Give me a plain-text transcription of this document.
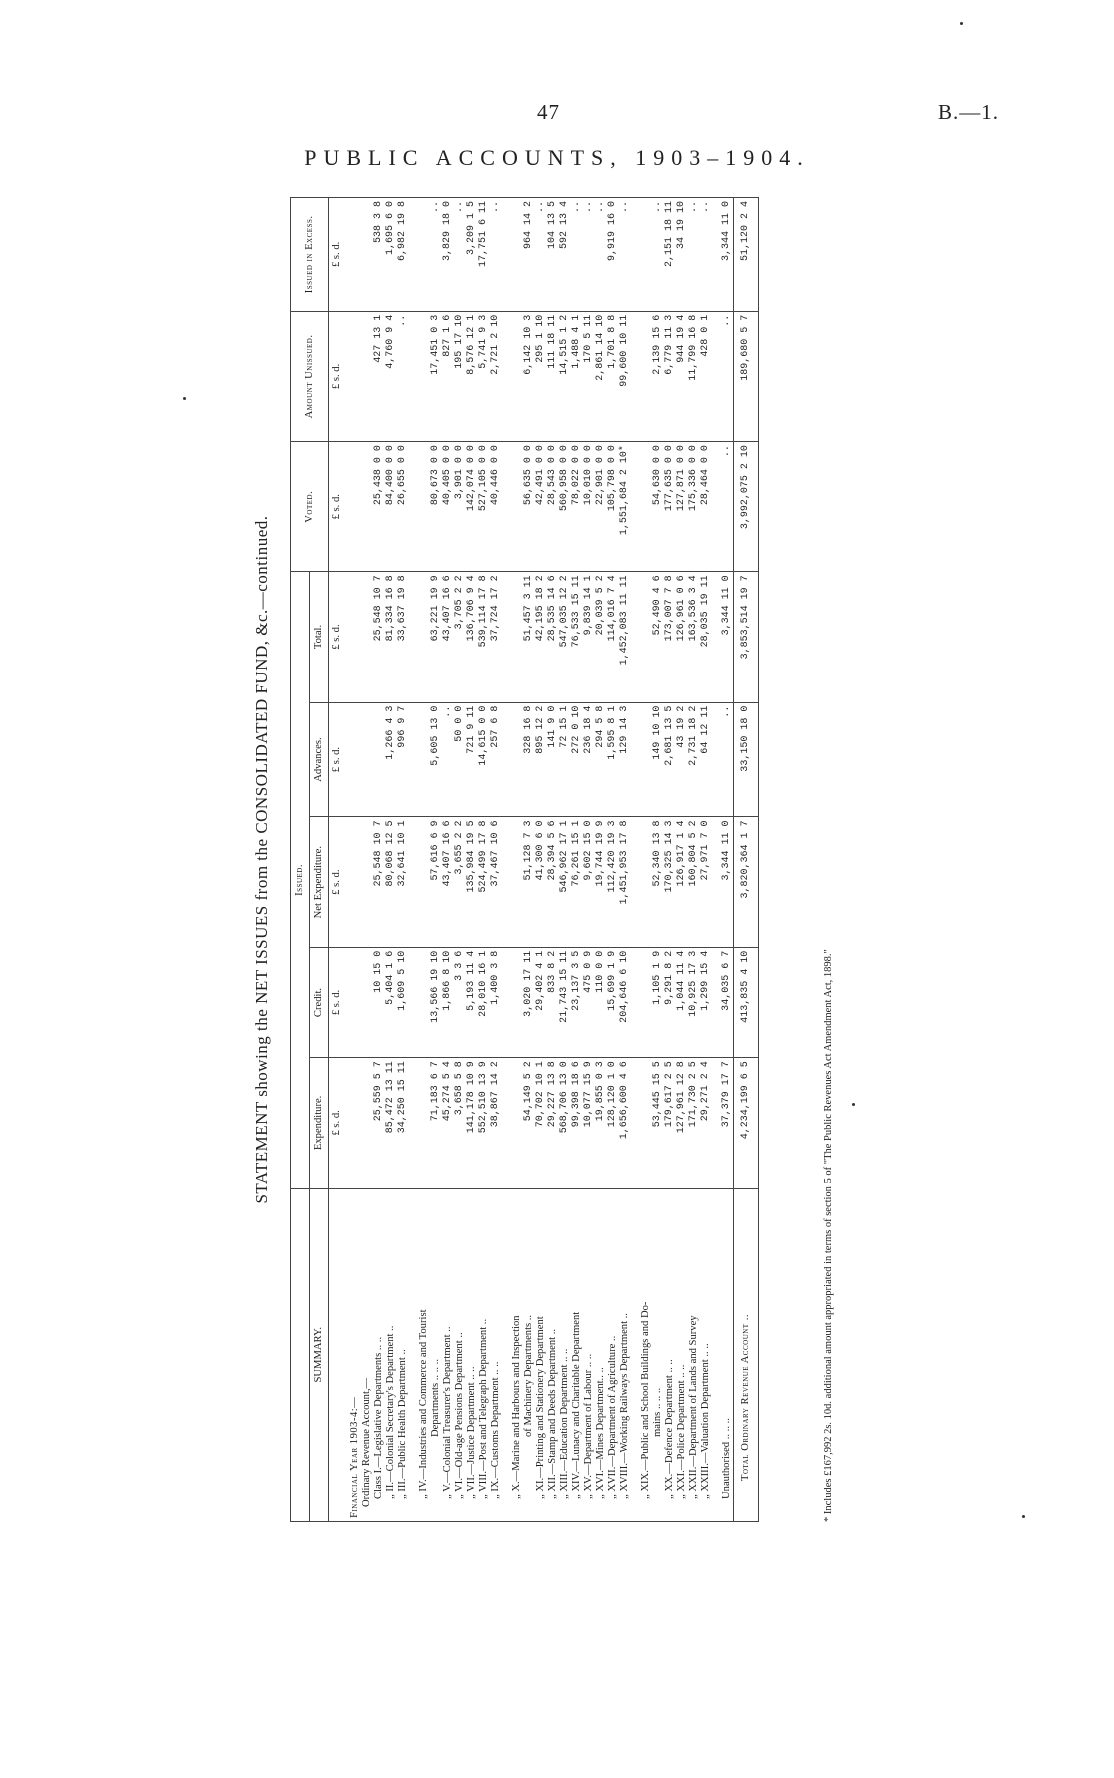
47	B.—1.
PUBLIC ACCOUNTS, 1903–1904.
STATEMENT showing the NET ISSUES from the CONSOLIDATED FUND, &c.—continued.
	Issued.					Voted.	Amount Unissued.	Issued in Excess.
	Expenditure.	Credit.	Net Expenditure.	Advances.	Total.			
SUMMARY.								
	£ s. d.	£ s. d.	£ s. d.	£ s. d.	£ s. d.	£ s. d.	£ s. d.	£ s. d.
Financial Year 1903-4:—								
Ordinary Revenue Account,—								
Class I.—Legislative Departments .. ..	25,559 5 7	10 15 0	25,548 10 7		25,548 10 7	25,438 0 0	427 13 1	538 3 8
„ II.—Colonial Secretary's Department ..	85,472 13 11	5,404 1 6	80,068 12 5	1,266 4 3	81,334 16 8	84,400 0 0	4,760 9 4	1,695 6 0
„ III.—Public Health Department ..	34,250 15 11	1,609 5 10	32,641 10 1	996 9 7	33,637 19 8	26,655 0 0	..	6,982 19 8

„ IV.—Industries and Commerce and Tourist								
Departments .. .. ..	71,183 6 7	13,566 19 10	57,616 6 9	5,605 13 0	63,221 19 9	80,673 0 0	17,451 0 3	..
„ V.—Colonial Treasurer's Department ..	45,274 5 4	1,866 8 10	43,407 16 6	..	43,407 16 6	40,405 0 0	827 1 6	3,829 18 0
„ VI.—Old-age Pensions Department ..	3,658 5 8	3 3 6	3,655 2 2	50 0 0	3,705 2 2	3,901 0 0	195 17 10	..
„ VII.—Justice Department .. ..	141,178 10 9	5,193 11 4	135,984 19 5	721 9 11	136,706 9 4	142,074 0 0	8,576 12 1	3,209 1 5
„ VIII.—Post and Telegraph Department ..	552,510 13 9	28,010 16 1	524,499 17 8	14,615 0 0	539,114 17 8	527,105 0 0	5,741 9 3	17,751 6 11
„ IX.—Customs Department .. ..	38,867 14 2	1,400 3 8	37,467 10 6	257 6 8	37,724 17 2	40,446 0 0	2,721 2 10	..

„ X.—Marine and Harbours and Inspection								
of Machinery Departments ..	54,149 5 2	3,020 17 11	51,128 7 3	328 16 8	51,457 3 11	56,635 0 0	6,142 10 3	964 14 2
„ XI.—Printing and Stationery Department	70,702 10 1	29,402 4 1	41,300 6 0	895 12 2	42,195 18 2	42,491 0 0	295 1 10	..
„ XII.—Stamp and Deeds Department ..	29,227 13 8	833 8 2	28,394 5 6	141 9 0	28,535 14 6	28,543 0 0	111 18 11	104 13 5
„ XIII.—Education Department .. ..	568,706 13 0	21,743 15 11	546,962 17 1	72 15 1	547,035 12 2	560,958 0 0	14,515 1 2	592 13 4
„ XIV.—Lunacy and Charitable Department	99,398 18 6	23,137 3 5	76,261 15 1	272 0 10	76,533 15 11	78,022 0 0	1,488 4 1	..
„ XV.—Department of Labour .. ..	10,077 15 9	475 0 9	9,602 15 0	236 18 4	9,839 14 1	10,010 0 0	170 5 11	..
„ XVI.—Mines Department.. ..	19,855 0 3	110 0 0	19,744 19 9	294 5 8	20,039 5 2	22,901 0 0	2,861 14 10	..
„ XVII.—Department of Agriculture ..	128,120 1 0	15,699 1 9	112,420 19 3	1,595 8 1	114,016 7 4	105,798 0 0	1,701 8 8	9,919 16 0
„ XVIII.—Working Railways Department ..	1,656,600 4 6	204,646 6 10	1,451,953 17 8	129 14 3	1,452,083 11 11	1,551,684 2 10*	99,600 10 11	..

„ XIX.—Public and School Buildings and Do-								
mains .. .. ..	53,445 15 5	1,105 1 9	52,340 13 8	149 10 10	52,490 4 6	54,630 0 0	2,139 15 6	..
„ XX.—Defence Department .. ..	179,617 2 5	9,291 8 2	170,325 14 3	2,681 13 5	173,007 7 8	177,635 0 0	6,779 11 3	2,151 18 11
„ XXI.—Police Department .. ..	127,961 12 8	1,044 11 4	126,917 1 4	43 19 2	126,961 0 6	127,871 0 0	944 19 4	34 19 10
„ XXII.—Department of Lands and Survey	171,730 2 5	10,925 17 3	160,804 5 2	2,731 18 2	163,536 3 4	175,336 0 0	11,799 16 8	..
„ XXIII.—Valuation Department .. ..	29,271 2 4	1,299 15 4	27,971 7 0	64 12 11	28,035 19 11	28,464 0 0	428 0 1	..

Unauthorised .. .. ..	37,379 17 7	34,035 6 7	3,344 11 0	..	3,344 11 0	..	..	3,344 11 0
Total Ordinary Revenue Account ..	4,234,199 6 5	413,835 4 10	3,820,364 1 7	33,150 18 0	3,853,514 19 7	3,992,075 2 10	189,680 5 7	51,120 2 4
* Includes £167,992 2s. 10d. additional amount appropriated in terms of section 5 of "The Public Revenues Act Amendment Act, 1898."
